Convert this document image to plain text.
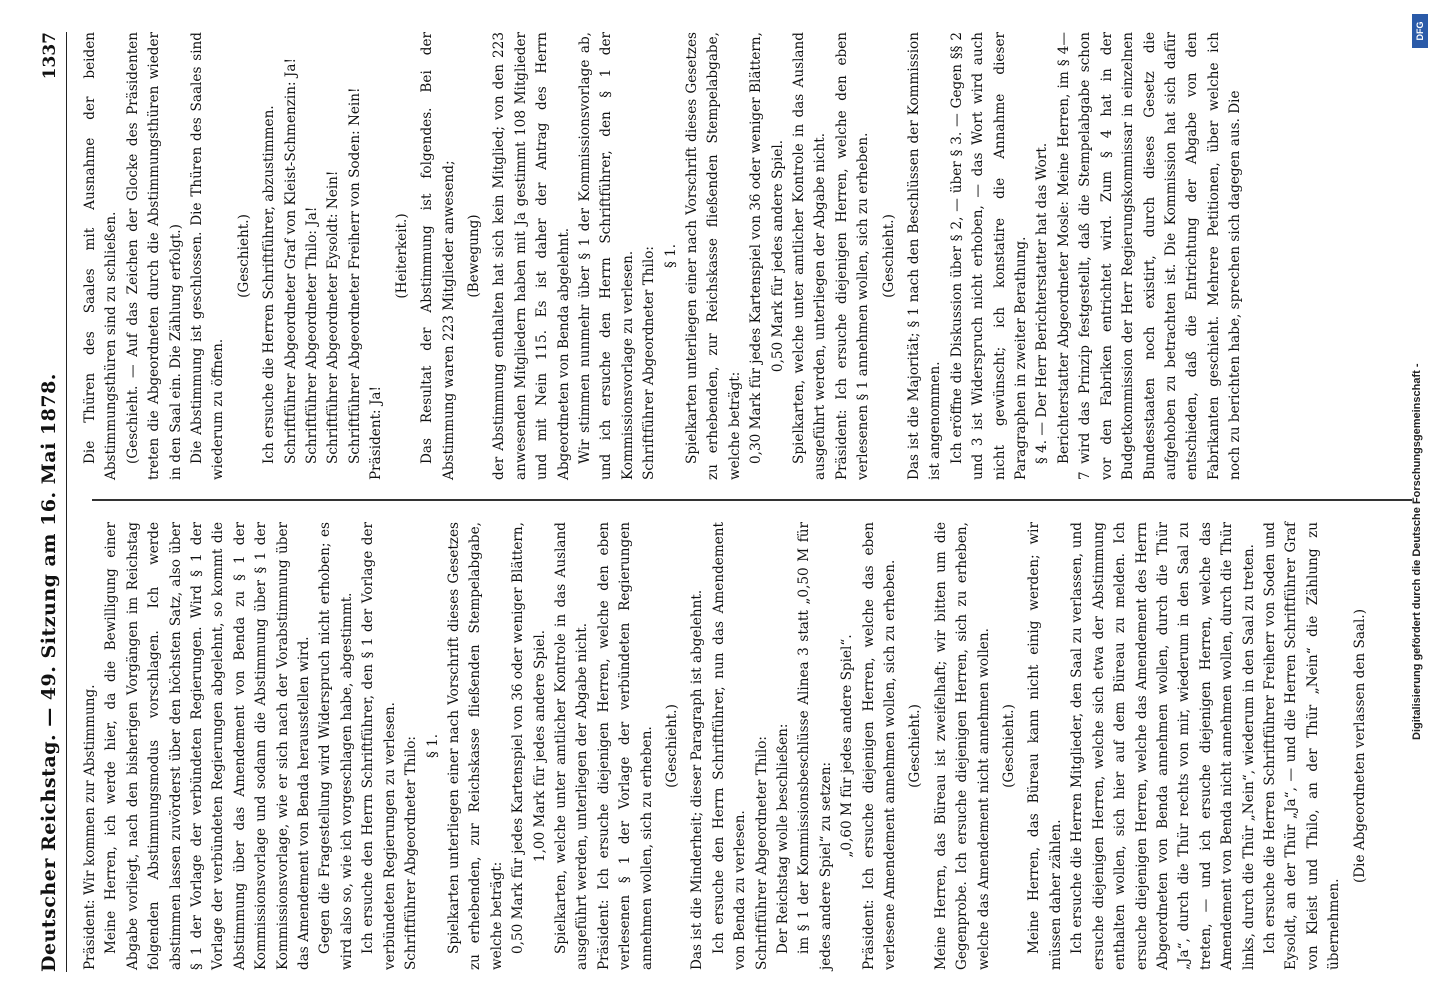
Deutscher Reichstag. — 49. Sitzung am 16. Mai 1878.
1337

Präsident: Wir kommen zur Abstimmung. Meine Herren, ich werde hier, da die Bewilligung einer Abgabe vorliegt, nach den bisherigen Vorgängen im Reichstag folgenden Abstimmungsmodus vorschlagen. Ich werde abstimmen lassen zuvörderst über den höchsten Satz, also über § 1 der Vorlage der verbündeten Regierungen. Wird § 1 der Vorlage der verbündeten Regierungen abgelehnt, so kommt die Abstimmung über das Amendement von Benda zu § 1 der Kommissionsvorlage und sodann die Abstimmung über § 1 der Kommissionsvorlage, wie er sich nach der Vorabstimmung über das Amendement von Benda herausstellen wird. Gegen die Fragestellung wird Widerspruch nicht erhoben; es wird also so, wie ich vorgeschlagen habe, abgestimmt. Ich ersuche den Herrn Schriftführer, den § 1 der Vorlage der verbündeten Regierungen zu verlesen. Schriftführer Abgeordneter Thilo: § 1. Spielkarten unterliegen einer nach Vorschrift dieses Gesetzes zu erhebenden, zur Reichskasse fließenden Stempelabgabe, welche beträgt: 0,50 Mark für jedes Kartenspiel von 36 oder weniger Blättern, 1,00 Mark für jedes andere Spiel. Spielkarten, welche unter amtlicher Kontrole in das Ausland ausgeführt werden, unterliegen der Abgabe nicht. Präsident: Ich ersuche diejenigen Herren, welche den eben verlesenen § 1 der Vorlage der verbündeten Regierungen annehmen wollen, sich zu erheben. (Geschieht.) Das ist die Minderheit; dieser Paragraph ist abgelehnt. Ich ersuche den Herrn Schriftführer, nun das Amendement von Benda zu verlesen. Schriftführer Abgeordneter Thilo: Der Reichstag wolle beschließen: im § 1 der Kommissionsbeschlüsse Alinea 3 statt „0,50 M für jedes andere Spiel“ zu setzen:

„0,60 M für jedes andere Spiel“. Präsident: Ich ersuche diejenigen Herren, welche das eben verlesene Amendement annehmen wollen, sich zu erheben. (Geschieht.) Meine Herren, das Büreau ist zweifelhaft; wir bitten um die Gegenprobe. Ich ersuche diejenigen Herren, sich zu erheben, welche das Amendement nicht annehmen wollen. (Geschieht.) Meine Herren, das Büreau kann nicht einig werden; wir müssen daher zählen. Ich ersuche die Herren Mitglieder, den Saal zu verlassen, und ersuche diejenigen Herren, welche sich etwa der Abstimmung enthalten wollen, sich hier auf dem Büreau zu melden. Ich ersuche diejenigen Herren, welche das Amendement des Herrn Abgeordneten von Benda annehmen wollen, durch die Thür „Ja“, durch die Thür rechts von mir, wiederum in den Saal zu treten, — und ich ersuche diejenigen Herren, welche das Amendement von Benda nicht annehmen wollen, durch die Thür links, durch die Thür „Nein“, wiederum in den Saal zu treten. Ich ersuche die Herren Schriftführer Freiherr von Soden und Eysoldt, an der Thür „Ja“, — und die Herren Schriftführer Graf von Kleist und Thilo, an der Thür „Nein“ die Zählung zu übernehmen.

(Die Abgeordneten verlassen den Saal.)

Die Thüren des Saales mit Ausnahme der beiden Abstimmungsthüren sind zu schließen. (Geschieht. — Auf das Zeichen der Glocke des Präsidenten treten die Abgeordneten durch die Abstimmungsthüren wieder in den Saal ein. Die Zählung erfolgt.) Die Abstimmung ist geschlossen. Die Thüren des Saales sind wiederum zu öffnen.

(Geschieht.) Ich ersuche die Herren Schriftführer, abzustimmen. Schriftführer Abgeordneter Graf von Kleist-Schmenzin: Ja! Schriftführer Abgeordneter Thilo: Ja! Schriftführer Abgeordneter Eysoldt: Nein! Schriftführer Abgeordneter Freiherr von Soden: Nein! Präsident: Ja!

(Heiterkeit.) Das Resultat der Abstimmung ist folgendes. Bei der Abstimmung waren 223 Mitglieder anwesend; (Bewegung) der Abstimmung enthalten hat sich kein Mitglied; von den 223 anwesenden Mitgliedern haben mit Ja gestimmt 108 Mitglieder und mit Nein 115. Es ist daher der Antrag des Herrn Abgeordneten von Benda abgelehnt. Wir stimmen nunmehr über § 1 der Kommissionsvorlage ab, und ich ersuche den Herrn Schriftführer, den § 1 der Kommissionsvorlage zu verlesen. Schriftführer Abgeordneter Thilo: § 1. Spielkarten unterliegen einer nach Vorschrift dieses Gesetzes zu erhebenden, zur Reichskasse fließenden Stempelabgabe, welche beträgt: 0,30 Mark für jedes Kartenspiel von 36 oder weniger Blättern, 0,50 Mark für jedes andere Spiel. Spielkarten, welche unter amtlicher Kontrole in das Ausland ausgeführt werden, unterliegen der Abgabe nicht. Präsident: Ich ersuche diejenigen Herren, welche den eben verlesenen § 1 annehmen wollen, sich zu erheben. (Geschieht.) Das ist die Majorität; § 1 nach den Beschlüssen der Kommission ist angenommen. Ich eröffne die Diskussion über § 2, — über § 3. — Gegen §§ 2 und 3 ist Widerspruch nicht erhoben, — das Wort wird auch nicht gewünscht; ich konstatire die Annahme dieser Paragraphen in zweiter Berathung. § 4. — Der Herr Berichterstatter hat das Wort. Berichterstatter Abgeordneter Mosle: Meine Herren, im § 4—7 wird das Prinzip festgestellt, daß die Stempelabgabe schon vor den Fabriken entrichtet wird. Zum § 4 hat in der Budgetkommission der Herr Regierungskommissar in einzelnen Bundesstaaten noch existirt, durch dieses Gesetz die aufgehoben zu betrachten ist. Die Kommission hat sich dafür entschieden, daß die Entrichtung der Abgabe von den Fabrikanten geschieht. Mehrere Petitionen, über welche ich noch zu berichten habe, sprechen sich dagegen aus. Die

Digitalisierung gefördert durch die Deutsche Forschungsgemeinschaft -
DFG
